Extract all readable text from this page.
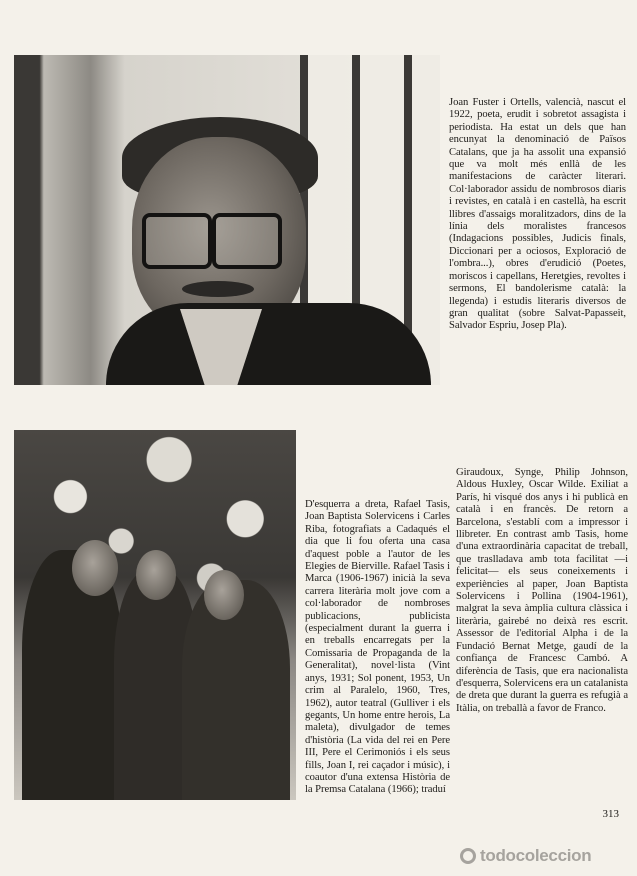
Joan Fuster i Ortells, valencià, nascut el 1922, poeta, erudit i sobretot assagista i periodista. Ha estat un dels que han encunyat la denominació de Països Catalans, que ja ha assolit una expansió que va molt més enllà de les manifestacions de caràcter literari. Col·laborador assidu de nombrosos diaris i revistes, en català i en castellà, ha escrit llibres d'assaigs moralitzadors, dins de la línia dels moralistes francesos (Indagacions possibles, Judicis finals, Diccionari per a ociosos, Exploració de l'ombra...), obres d'erudició (Poetes, moriscos i capellans, Heretgies, revoltes i sermons, El bandolerisme català: la llegenda) i estudis literaris diversos de gran qualitat (sobre Salvat-Papasseit, Salvador Espriu, Josep Pla).

D'esquerra a dreta, Rafael Tasis, Joan Baptista Solervicens i Carles Riba, fotografiats a Cadaqués el dia que li fou oferta una casa d'aquest poble a l'autor de les Elegies de Bierville. Rafael Tasis i Marca (1906-1967) inicià la seva carrera literària molt jove com a col·laborador de nombroses publicacions, publicista (especialment durant la guerra i en treballs encarregats per la Comissaria de Propaganda de la Generalitat), novel·lista (Vint anys, 1931; Sol ponent, 1953, Un crim al Paralelo, 1960, Tres, 1962), autor teatral (Gulliver i els gegants, Un home entre herois, La maleta), divulgador de temes d'història (La vida del rei en Pere III, Pere el Cerimoniós i els seus fills, Joan I, rei caçador i músic), i coautor d'una extensa Història de la Premsa Catalana (1966); traduí

Giraudoux, Synge, Philip Johnson, Aldous Huxley, Oscar Wilde. Exiliat a París, hi visqué dos anys i hi publicà en català i en francès. De retorn a Barcelona, s'establí com a impressor i llibreter. En contrast amb Tasis, home d'una extraordinària capacitat de treball, que traslladava amb tota facilitat —i felicitat— els seus coneixements i experiències al paper, Joan Baptista Solervicens i Pollina (1904-1961), malgrat la seva àmplia cultura clàssica i literària, gairebé no deixà res escrit. Assessor de l'editorial Alpha i de la Fundació Bernat Metge, gaudí de la confiança de Francesc Cambó. A diferència de Tasis, que era nacionalista d'esquerra, Solervicens era un catalanista de dreta que durant la guerra es refugià a Itàlia, on treballà a favor de Franco.

313
todocoleccion
